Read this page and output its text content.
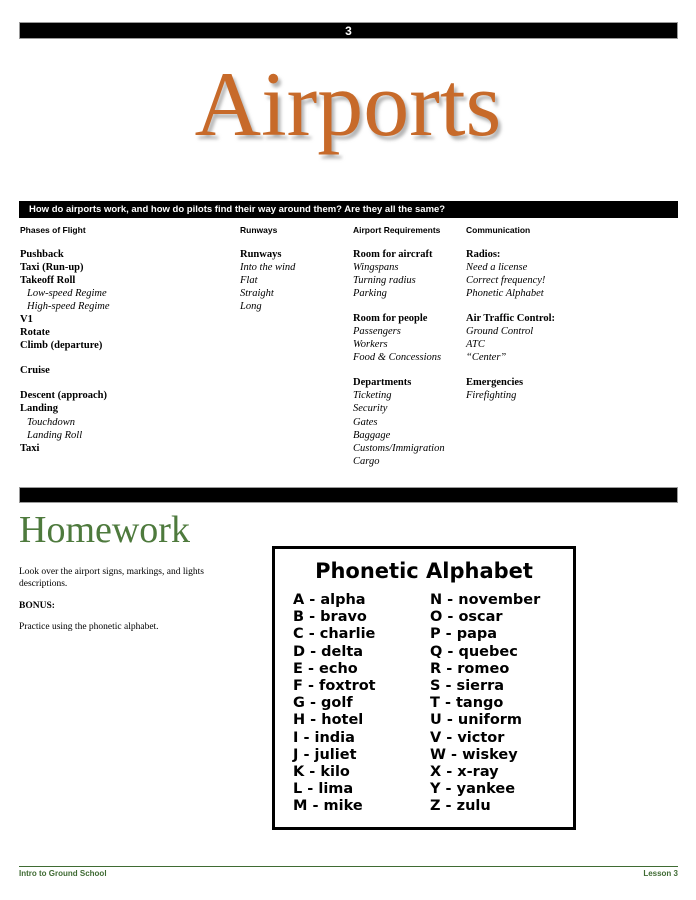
3
Airports
How do airports work, and how do pilots find their way around them? Are they all the same?
Phases of Flight
Pushback
Taxi (Run-up)
Takeoff Roll
Low-speed Regime
High-speed Regime
V1
Rotate
Climb (departure)
Cruise
Descent (approach)
Landing
Touchdown
Landing Roll
Taxi
Runways
Runways
Into the wind
Flat
Straight
Long
Airport Requirements
Room for aircraft
Wingspans
Turning radius
Parking
Room for people
Passengers
Workers
Food & Concessions
Departments
Ticketing
Security
Gates
Baggage
Customs/Immigration
Cargo
Communication
Radios:
Need a license
Correct frequency!
Phonetic Alphabet
Air Traffic Control:
Ground Control
ATC
“Center”
Emergencies
Firefighting
Homework
Look over the airport signs, markings, and lights
descriptions.
BONUS:
Practice using the phonetic alphabet.
Phonetic Alphabet
A - alpha
B - bravo
C - charlie
D - delta
E - echo
F - foxtrot
G - golf
H - hotel
I - india
J - juliet
K - kilo
L - lima
M - mike
N - november
O - oscar
P - papa
Q - quebec
R - romeo
S - sierra
T - tango
U - uniform
V - victor
W - wiskey
X - x-ray
Y - yankee
Z - zulu
Intro to Ground School	Lesson 3
